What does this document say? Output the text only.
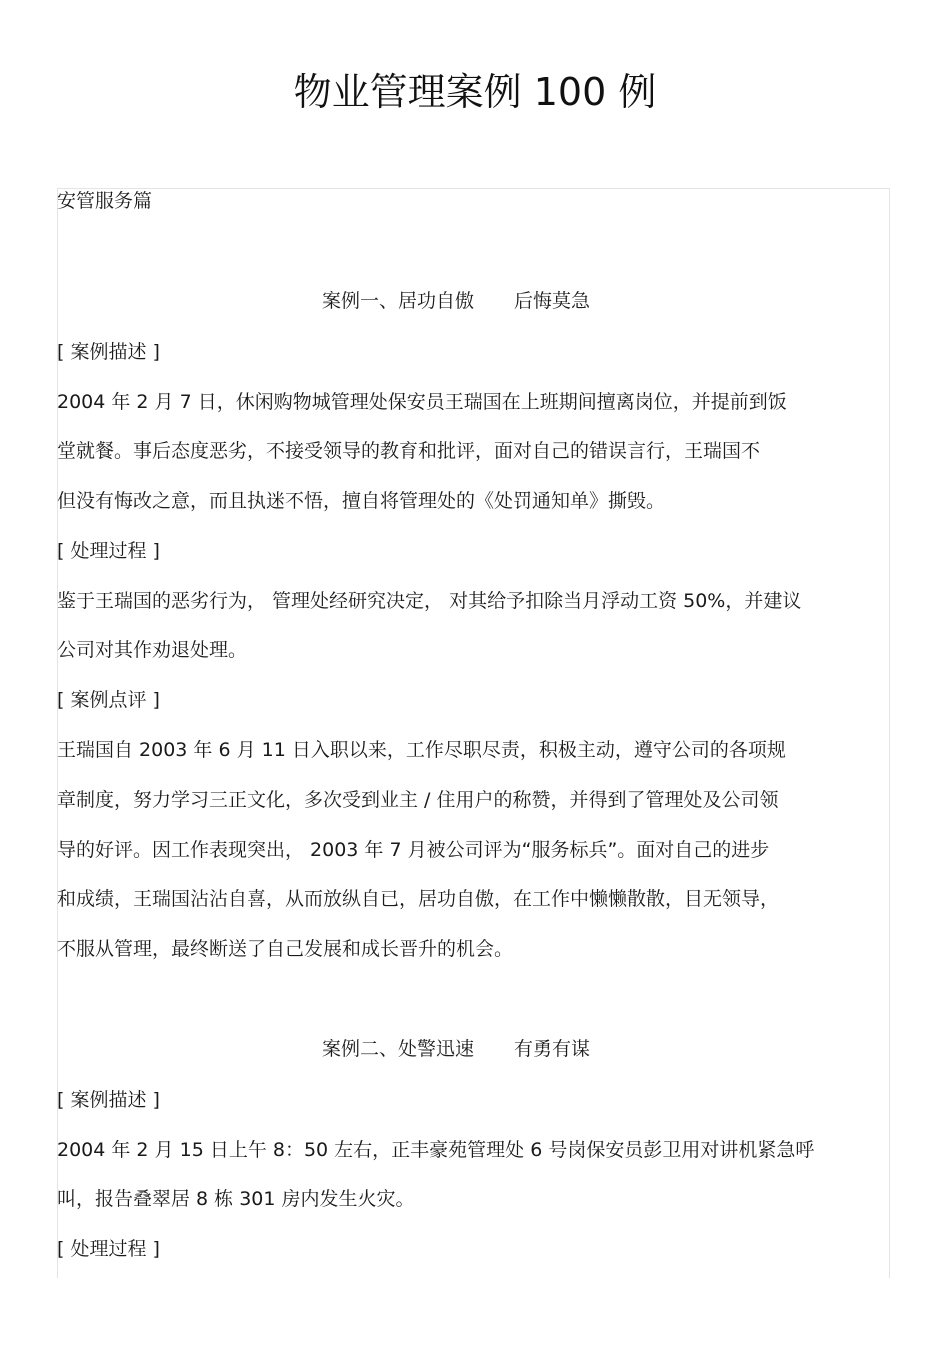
物业管理案例 100 例

安管服务篇

案例一、居功自傲 后悔莫急

[ 案例描述 ]

2004 年 2 月 7 日，休闲购物城管理处保安员王瑞国在上班期间擅离岗位，并提前到饭

堂就餐。事后态度恶劣，不接受领导的教育和批评，面对自己的错误言行，王瑞国不

但没有悔改之意，而且执迷不悟，擅自将管理处的《处罚通知单》撕毁。

[ 处理过程 ]

鉴于王瑞国的恶劣行为， 管理处经研究决定， 对其给予扣除当月浮动工资 50%，并建议

公司对其作劝退处理。

[ 案例点评 ]

王瑞国自 2003 年 6 月 11 日入职以来，工作尽职尽责，积极主动，遵守公司的各项规

章制度，努力学习三正文化，多次受到业主 / 住用户的称赞，并得到了管理处及公司领

导的好评。因工作表现突出， 2003 年 7 月被公司评为“服务标兵”。面对自己的进步

和成绩，王瑞国沾沾自喜，从而放纵自已，居功自傲，在工作中懒懒散散，目无领导，

不服从管理，最终断送了自己发展和成长晋升的机会。

案例二、处警迅速 有勇有谋

[ 案例描述 ]

2004 年 2 月 15 日上午 8：50 左右，正丰豪苑管理处 6 号岗保安员彭卫用对讲机紧急呼

叫，报告叠翠居 8 栋 301 房内发生火灾。

[ 处理过程 ]
